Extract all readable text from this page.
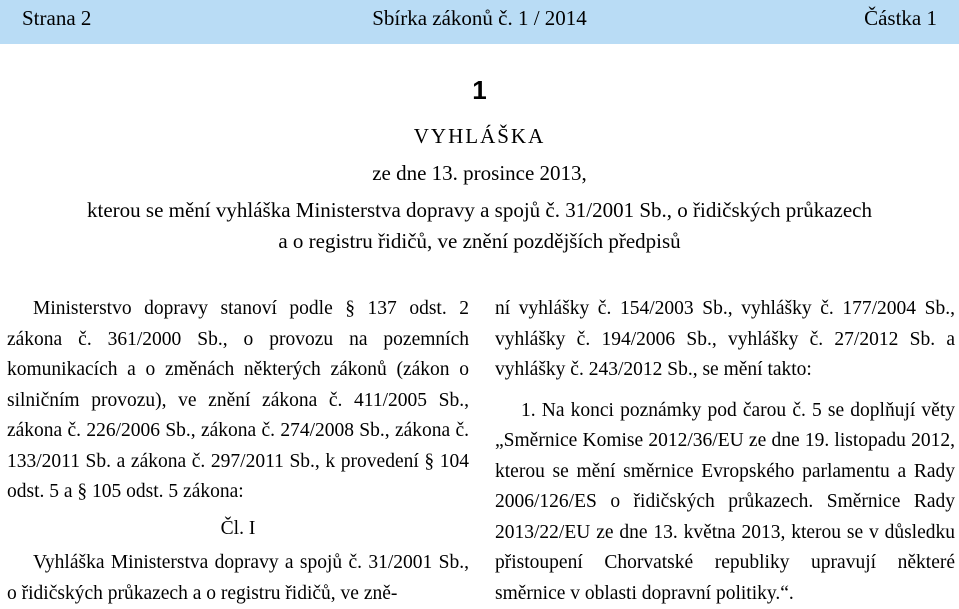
Strana 2	Sbírka zákonů č. 1 / 2014	Částka 1
1
VYHLÁŠKA
ze dne 13. prosince 2013,
kterou se mění vyhláška Ministerstva dopravy a spojů č. 31/2001 Sb., o řidičských průkazech
a o registru řidičů, ve znění pozdějších předpisů

Ministerstvo dopravy stanoví podle § 137 odst. 2 zákona č. 361/2000 Sb., o provozu na pozemních komunikacích a o změnách některých zákonů (zákon o silničním provozu), ve znění zákona č. 411/2005 Sb., zákona č. 226/2006 Sb., zákona č. 274/2008 Sb., zákona č. 133/2011 Sb. a zákona č. 297/2011 Sb., k provedení § 104 odst. 5 a § 105 odst. 5 zákona:

Čl. I

Vyhláška Ministerstva dopravy a spojů č. 31/2001 Sb., o řidičských průkazech a o registru řidičů, ve zně-

ní vyhlášky č. 154/2003 Sb., vyhlášky č. 177/2004 Sb., vyhlášky č. 194/2006 Sb., vyhlášky č. 27/2012 Sb. a vyhlášky č. 243/2012 Sb., se mění takto:

1. Na konci poznámky pod čarou č. 5 se doplňují věty „Směrnice Komise 2012/36/EU ze dne 19. listopadu 2012, kterou se mění směrnice Evropského parlamentu a Rady 2006/126/ES o řidičských průkazech. Směrnice Rady 2013/22/EU ze dne 13. května 2013, kterou se v důsledku přistoupení Chorvatské republiky upravují některé směrnice v oblasti dopravní politiky.“.
